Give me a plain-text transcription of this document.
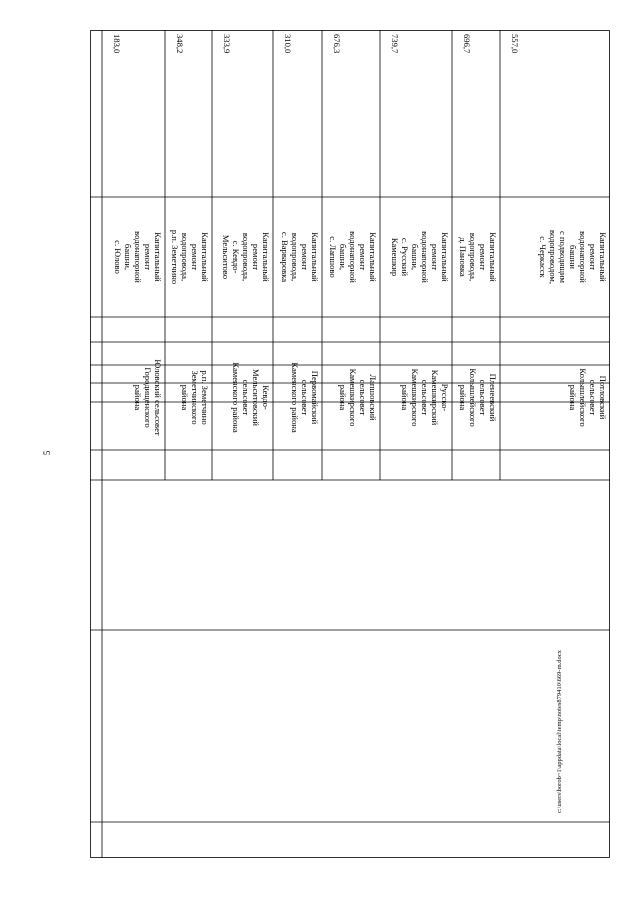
5
c:\users\borob~1\appdata\local\temp\notes879410\669-m.docx
183,0
Капитальный
ремонт
водонапорной
башни,
с. Юлово
Юловский сельсовет
Городищенского
района
348,2
Капитальный
ремонт
водопровода,
р.п. Земетчино
р.п. Земетчино
Земетчинского
района
333,9
Капитальный
ремонт
водопровода,
с. Кевдо-
Мельситово
Кевдо-
Мельситовский
сельсовет
Каменского района
310,0
Капитальный
ремонт
водопровода,
с. Варваровка
Первомайский
сельсовет
Каменского района
676,3
Капитальный
ремонт
водонапорной
башни,
с. Лапшово
Лапшовский
сельсовет
Камешкирского
района
739,7
Капитальный
ремонт
водонапорной
башни,
с. Русский
Камешкир
Русско-
Камешкирский
сельсовет
Камешкирского
района
696,7
Капитальный
ремонт
водопровода,
д. Пановка
Пленеевский
сельсовет
Колышлейского
района
557,0
Капитальный
ремонт
водонапорной
башни
с подводящим
водопроводом,
с. Черкасск
Потловский
сельсовет
Колышлейского
района
